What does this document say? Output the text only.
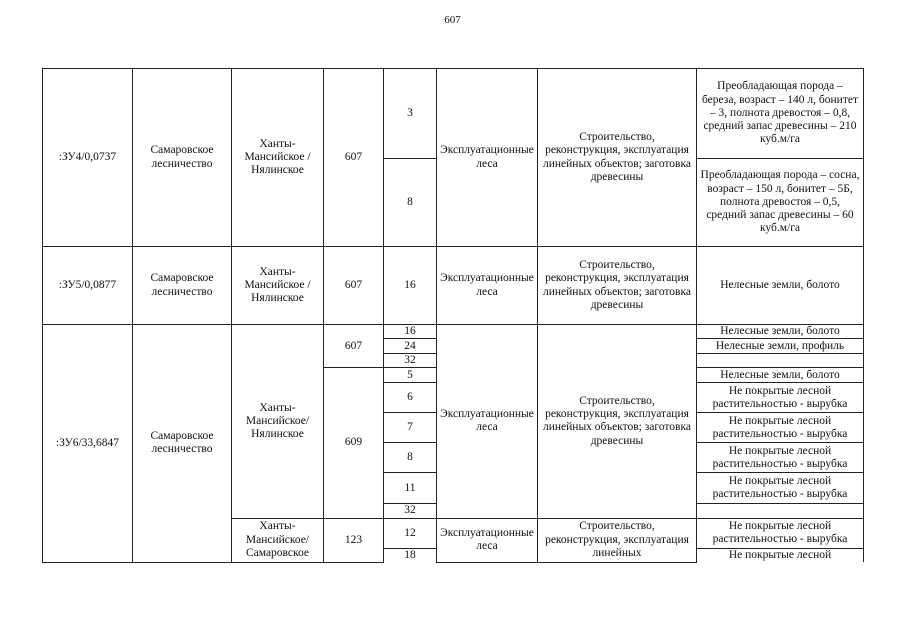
607
:ЗУ4/0,0737	Самаровское лесничество	Ханты-Мансийское /Нялинское	607	3	Эксплуатационные леса	Строительство, реконструкция, эксплуатация линейных объектов; заготовка древесины	Преобладающая порода – береза, возраст – 140 л, бонитет – 3, полнота древостоя – 0,8, средний запас древесины – 210 куб.м/га
				8			Преобладающая порода – сосна, возраст – 150 л, бонитет – 5Б, полнота древостоя – 0,5, средний запас древесины – 60 куб.м/га
:ЗУ5/0,0877	Самаровское лесничество	Ханты-Мансийское /Нялинское	607	16	Эксплуатационные леса	Строительство, реконструкция, эксплуатация линейных объектов; заготовка древесины	Нелесные земли, болото
:ЗУ6/33,6847	Самаровское лесничество	Ханты-Мансийское/ Нялинское	607	16	Эксплуатационные леса	Строительство, реконструкция, эксплуатация линейных объектов; заготовка древесины	Нелесные земли, болото
				24			Нелесные земли, профиль
				32			
			609	5			Нелесные земли, болото
				6			Не покрытые лесной растительностью - вырубка
				7			Не покрытые лесной растительностью - вырубка
				8			Не покрытые лесной растительностью - вырубка
				11			Не покрытые лесной растительностью - вырубка
				32			
		Ханты-Мансийское/ Самаровское	123	12	Эксплуатационные леса	Строительство, реконструкция, эксплуатация линейных	Не покрытые лесной растительностью - вырубка
				18			Не покрытые лесной
